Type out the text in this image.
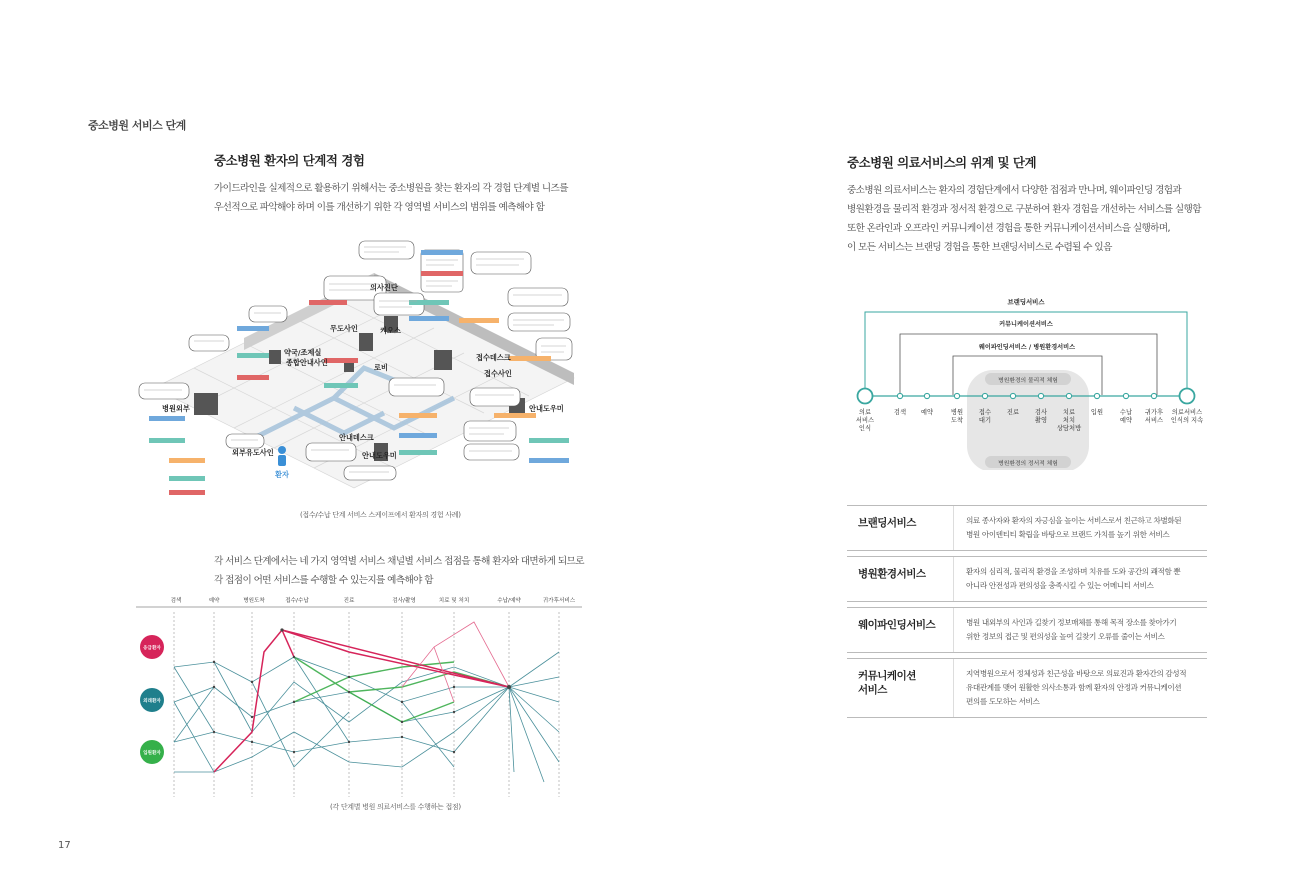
중소병원 서비스 단계
중소병원 환자의 단계적 경험
가이드라인을 실제적으로 활용하기 위해서는 중소병원을 찾는 환자의 각 경험 단계별 니즈를
우선적으로 파악해야 하며 이를 개선하기 위한 각 영역별 서비스의 범위를 예측해야 함
의사진단
약국/조제실
종합안내사인
무도사인	키오스
로비
접수데스크
접수사인
병원외부
외부유도사인
안내데스크
안내도우미
안내도우미
환자
(접수/수납 단계 서비스 스케이프에서 환자의 경험 사례)
각 서비스 단계에서는 네 가지 영역별 서비스 채널별 서비스 접점을 통해 환자와 대면하게 되므로
각 접점이 어떤 서비스를 수행할 수 있는지를 예측해야 함
검색	예약	병원도착	접수/수납	진료	검사/촬영	치료 및 처치	수납/예약	귀가후서비스
응급환자
외래환자
입원환자
(각 단계별 병원 의료서비스를 수행하는 접점)
중소병원 의료서비스의 위계 및 단계
중소병원 의료서비스는 환자의 경험단계에서 다양한 접점과 만나며, 웨이파인딩 경험과
병원환경을 물리적 환경과 정서적 환경으로 구분하여 환자 경험을 개선하는 서비스를 실행함
또한 온라인과 오프라인 커뮤니케이션 경험을 통한 커뮤니케이션서비스을 실행하며,
이 모든 서비스는 브랜딩 경험을 통한 브랜딩서비스로 수렴될 수 있음
브랜딩서비스
커뮤니케이션서비스
웨이파인딩서비스 / 병원환경서비스
병원환경의 물리적 체험
병원환경의 정서적 체험
의료 서비스 인식
검색 예약	병원 도착
접수 대기
진료	검사 촬영
치료 처치 상담처방
입원	수납 예약
귀가후 서비스
의료서비스 인식의 지속
브랜딩서비스	의료 종사자와 환자의 자긍심을 높이는 서비스로서 친근하고 차별화된
병원 아이덴티티 확립을 바탕으로 브랜드 가치를 높기 위한 서비스
병원환경서비스	환자의 심리적, 물리적 환경을 조성하며 치유를 도와 공간의 쾌적함 뿐
아니라 안전성과 편의성을 충족시킬 수 있는 어메니티 서비스
웨이파인딩서비스	병원 내외부의 사인과 길찾기 정보매체를 통해 목적 장소를 찾아가기
위한 정보의 접근 및 편의성을 높여 길찾기 오류를 줄이는 서비스
커뮤니케이션
서비스
지역병원으로서 정체성과 친근성을 바탕으로 의료진과 환자간의 감성적
유대관계를 맺어 원활한 의사소통과 함께 환자의 안정과 커뮤니케이션
편의를 도모하는 서비스
17
